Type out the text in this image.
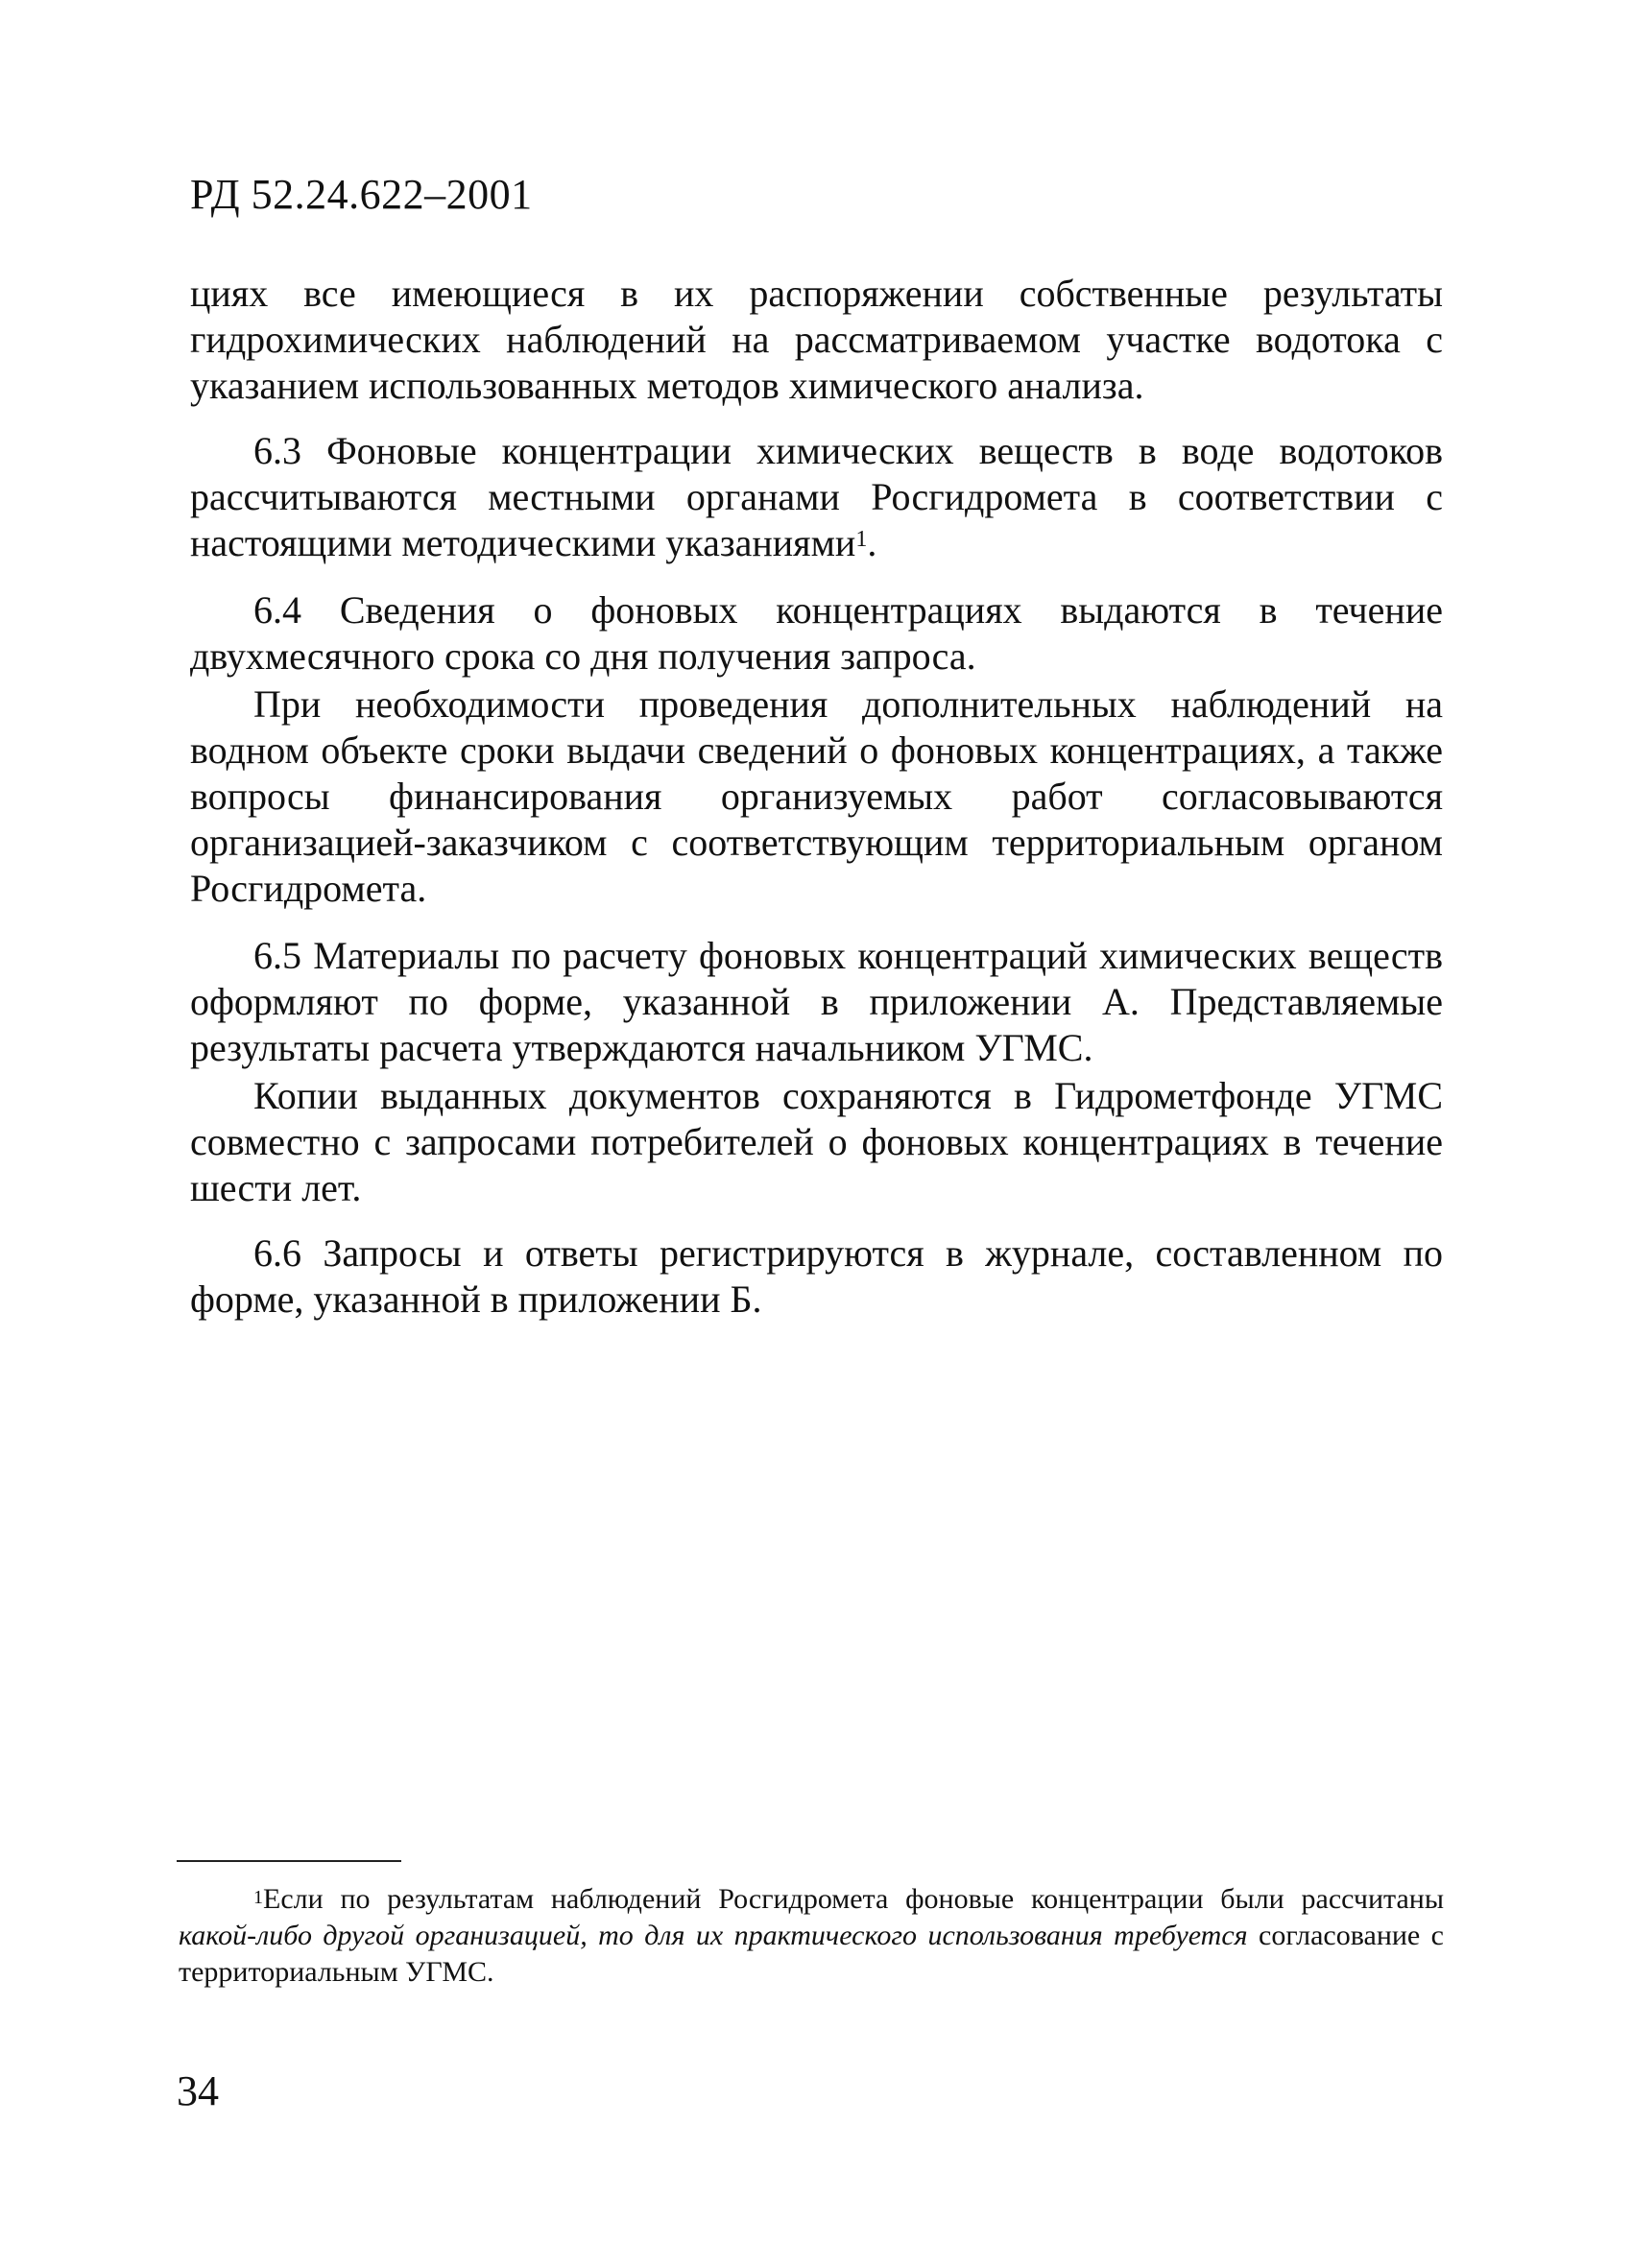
РД 52.24.622–2001

циях все имеющиеся в их распоряжении собственные результаты гидрохимических наблюдений на рассматриваемом участке водотока с указанием использованных методов химического анализа.

6.3 Фоновые концентрации химических веществ в воде водотоков рассчитываются местными органами Росгидромета в соответствии с настоящими методическими указаниями$^1$.

6.4 Сведения о фоновых концентрациях выдаются в течение двухмесячного срока со дня получения запроса.

При необходимости проведения дополнительных наблюдений на водном объекте сроки выдачи сведений о фоновых концентрациях, а также вопросы финансирования организуемых работ согласовываются организацией-заказчиком с соответствующим территориальным органом Росгидромета.

6.5 Материалы по расчету фоновых концентраций химических веществ оформляют по форме, указанной в приложении А. Представляемые результаты расчета утверждаются начальником УГМС.

Копии выданных документов сохраняются в Гидрометфонде УГМС совместно с запросами потребителей о фоновых концентрациях в течение шести лет.

6.6 Запросы и ответы регистрируются в журнале, составленном по форме, указанной в приложении Б.

$^1$Если по результатам наблюдений Росгидромета фоновые концентрации были рассчитаны какой-либо другой организацией, то для их практического использования требуется согласование с территориальным УГМС.

34
